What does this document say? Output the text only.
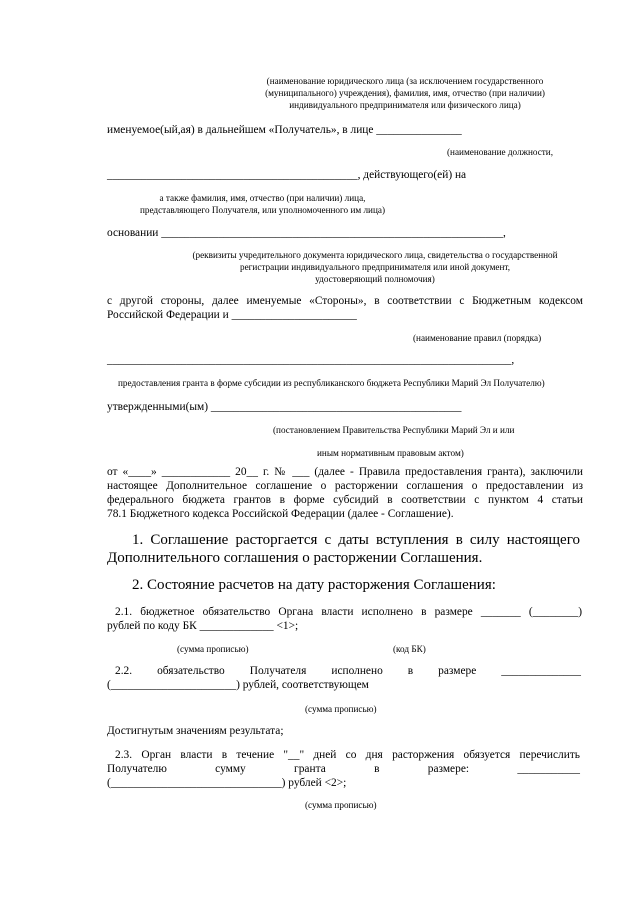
(наименование юридического лица (за исключением государственного
(муниципального) учреждения), фамилия, имя, отчество (при наличии)
индивидуального предпринимателя или физического лица)
именуемое(ый,ая) в дальнейшем «Получатель», в лице _______________
(наименование должности,
____________________________________________, действующего(ей) на
а также фамилия, имя, отчество (при наличии) лица,
представляющего Получателя, или уполномоченного им лица)
основании ____________________________________________________________,
(реквизиты учредительного документа юридического лица, свидетельства о государственной
регистрации индивидуального предпринимателя или иной документ,
удостоверяющий полномочия)
с другой стороны, далее именуемые «Стороны», в соответствии с Бюджетным кодексом
Российской Федерации и ______________________
(наименование правил (порядка)
_______________________________________________________________________,
предоставления гранта в форме субсидии из республиканского бюджета Республики Марий Эл Получателю)
утвержденными(ым) ____________________________________________
(постановлением Правительства Республики Марий Эл и или
иным нормативным правовым актом)
от «____» ____________ 20__ г. № ___ (далее - Правила предоставления гранта), заключили
настоящее Дополнительное соглашение о расторжении соглашения о предоставлении из
федерального бюджета грантов в форме субсидий в соответствии с пунктом 4 статьи
78.1 Бюджетного кодекса Российской Федерации (далее - Соглашение).
1. Соглашение расторгается с даты вступления в силу настоящего
Дополнительного соглашения о расторжении Соглашения.
2. Состояние расчетов на дату расторжения Соглашения:
2.1. бюджетное обязательство Органа власти исполнено в размере _______ (________)
рублей по коду БК _____________ <1>;
(сумма прописью)	(код БК)
2.2. обязательство Получателя исполнено в размере ______________
(______________________) рублей, соответствующем
(сумма прописью)
Достигнутым значениям результата;
2.3. Орган власти в течение "__" дней со дня расторжения обязуется перечислить
Получателю сумму гранта в размере: ___________
(______________________________) рублей <2>;
(сумма прописью)
